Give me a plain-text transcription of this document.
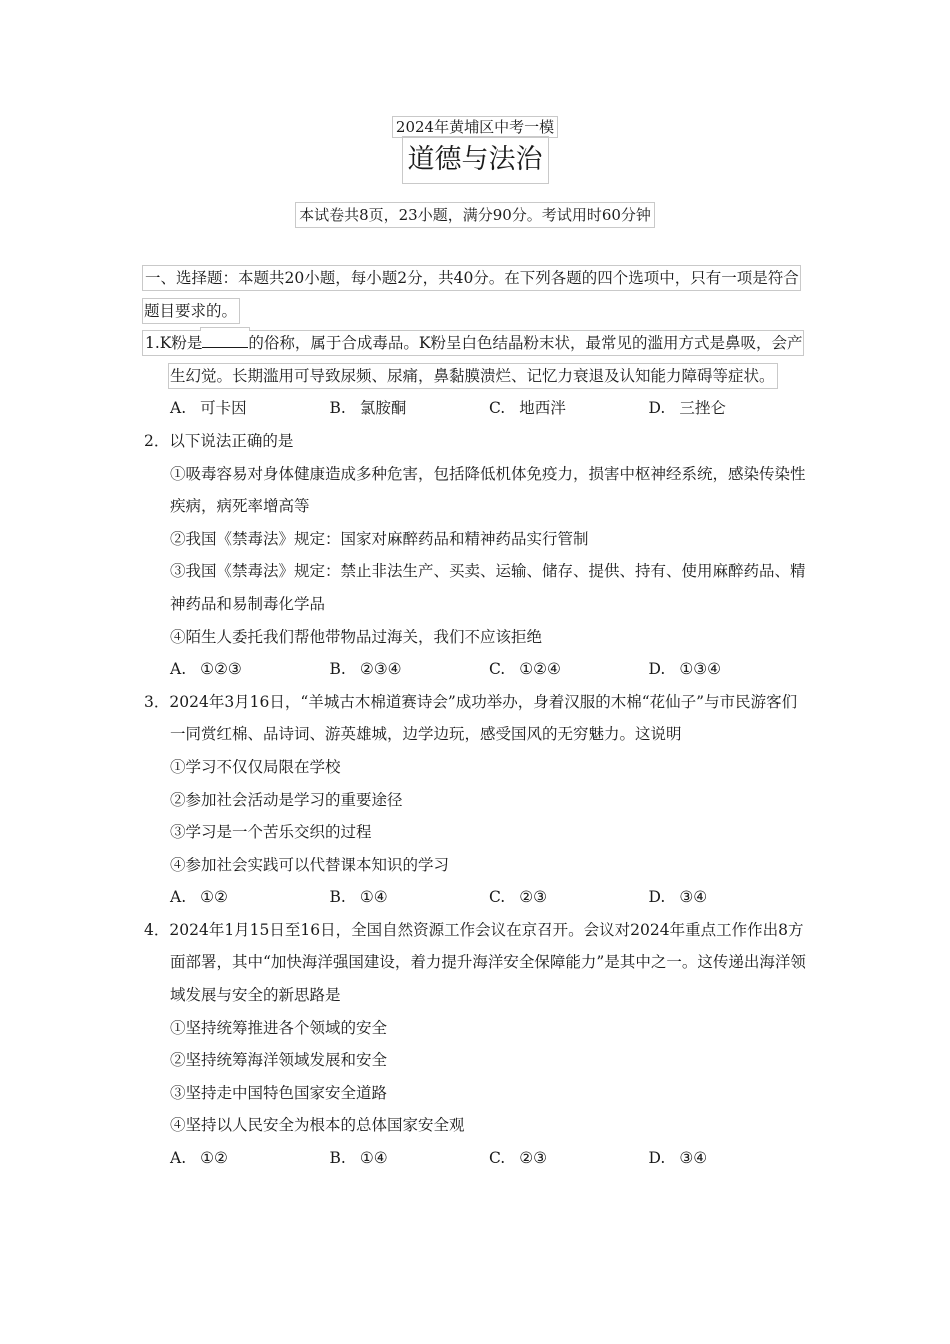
2024年黄埔区中考一模
道德与法治
本试卷共8页，23小题，满分90分。考试用时60分钟

一、选择题：本题共20小题，每小题2分，共40分。在下列各题的四个选项中，只有一项是符合题目要求的。

1.K粉是	的俗称，属于合成毒品。K粉呈白色结晶粉末状，最常见的滥用方式是鼻吸，会产生幻觉。长期滥用可导致尿频、尿痛，鼻黏膜溃烂、记忆力衰退及认知能力障碍等症状。

A. 可卡因	B. 氯胺酮	C. 地西泮	D. 三挫仑

2．以下说法正确的是

①吸毒容易对身体健康造成多种危害，包括降低机体免疫力，损害中枢神经系统，感染传染性疾病，病死率增高等

②我国《禁毒法》规定：国家对麻醉药品和精神药品实行管制

③我国《禁毒法》规定：禁止非法生产、买卖、运输、储存、提供、持有、使用麻醉药品、精神药品和易制毒化学品

④陌生人委托我们帮他带物品过海关，我们不应该拒绝

A. ①②③	B. ②③④	C. ①②④	D. ①③④

3．2024年3月16日，“羊城古木棉道赛诗会”成功举办，身着汉服的木棉“花仙子”与市民游客们一同赏红棉、品诗词、游英雄城，边学边玩，感受国风的无穷魅力。这说明

①学习不仅仅局限在学校

②参加社会活动是学习的重要途径

③学习是一个苦乐交织的过程

④参加社会实践可以代替课本知识的学习

A. ①②	B. ①④	C. ②③	D. ③④

4．2024年1月15日至16日，全国自然资源工作会议在京召开。会议对2024年重点工作作出8方面部署，其中“加快海洋强国建设，着力提升海洋安全保障能力”是其中之一。这传递出海洋领域发展与安全的新思路是

①坚持统筹推进各个领域的安全

②坚持统筹海洋领域发展和安全

③坚持走中国特色国家安全道路

④坚持以人民安全为根本的总体国家安全观

A. ①②	B. ①④	C. ②③	D. ③④
